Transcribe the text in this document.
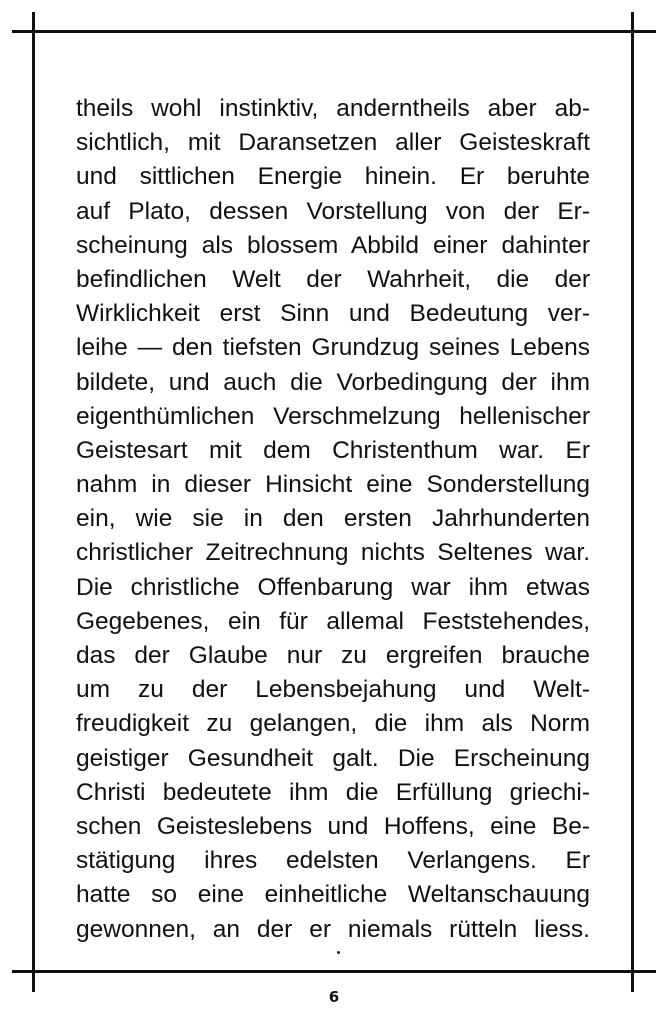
theils wohl instinktiv, anderntheils aber ab-
sichtlich, mit Daransetzen aller Geisteskraft
und sittlichen Energie hinein. Er beruhte
auf Plato, dessen Vorstellung von der Er-
scheinung als blossem Abbild einer dahinter
befindlichen Welt der Wahrheit, die der
Wirklichkeit erst Sinn und Bedeutung ver-
leihe — den tiefsten Grundzug seines Lebens
bildete, und auch die Vorbedingung der ihm
eigenthümlichen Verschmelzung hellenischer
Geistesart mit dem Christenthum war. Er
nahm in dieser Hinsicht eine Sonderstellung
ein, wie sie in den ersten Jahrhunderten
christlicher Zeitrechnung nichts Seltenes war.
Die christliche Offenbarung war ihm etwas
Gegebenes, ein für allemal Feststehendes,
das der Glaube nur zu ergreifen brauche
um zu der Lebensbejahung und Welt-
freudigkeit zu gelangen, die ihm als Norm
geistiger Gesundheit galt. Die Erscheinung
Christi bedeutete ihm die Erfüllung griechi-
schen Geisteslebens und Hoffens, eine Be-
stätigung ihres edelsten Verlangens. Er
hatte so eine einheitliche Weltanschauung
gewonnen, an der er niemals rütteln liess.
6
